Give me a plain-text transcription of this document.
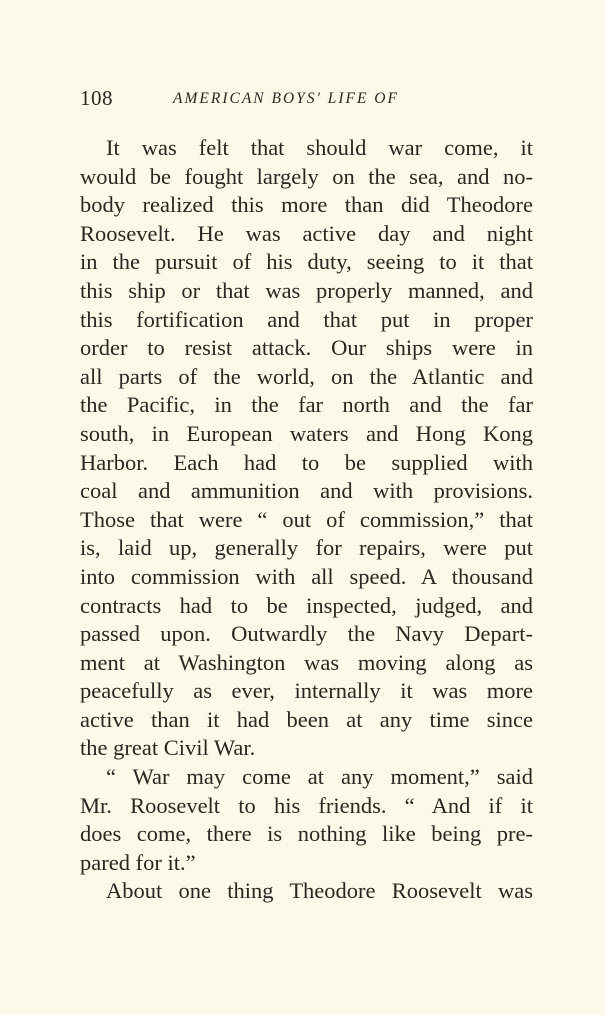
108	AMERICAN BOYS' LIFE OF
It was felt that should war come, it
would be fought largely on the sea, and no-
body realized this more than did Theodore
Roosevelt. He was active day and night
in the pursuit of his duty, seeing to it that
this ship or that was properly manned, and
this fortification and that put in proper
order to resist attack. Our ships were in
all parts of the world, on the Atlantic and
the Pacific, in the far north and the far
south, in European waters and Hong Kong
Harbor. Each had to be supplied with
coal and ammunition and with provisions.
Those that were “ out of commission,” that
is, laid up, generally for repairs, were put
into commission with all speed. A thousand
contracts had to be inspected, judged, and
passed upon. Outwardly the Navy Depart-
ment at Washington was moving along as
peacefully as ever, internally it was more
active than it had been at any time since
the great Civil War.
“ War may come at any moment,” said
Mr. Roosevelt to his friends. “ And if it
does come, there is nothing like being pre-
pared for it.”
About one thing Theodore Roosevelt was
